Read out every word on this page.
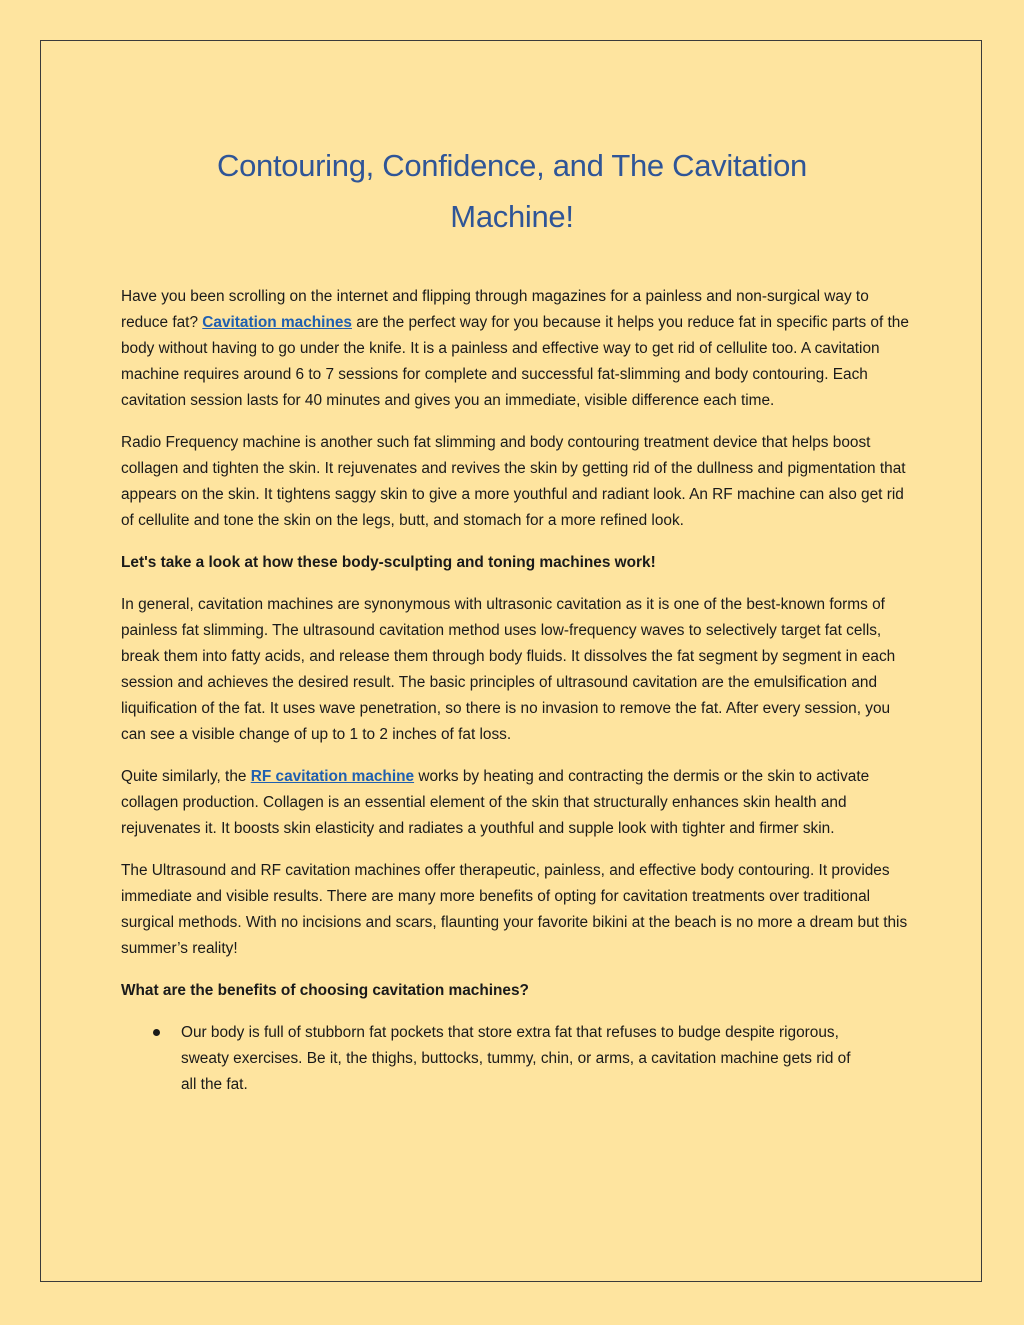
Contouring, Confidence, and The Cavitation
Machine!

Have you been scrolling on the internet and flipping through magazines for a painless and non-surgical way to reduce fat? Cavitation machines are the perfect way for you because it helps you reduce fat in specific parts of the body without having to go under the knife. It is a painless and effective way to get rid of cellulite too. A cavitation machine requires around 6 to 7 sessions for complete and successful fat-slimming and body contouring. Each cavitation session lasts for 40 minutes and gives you an immediate, visible difference each time.

Radio Frequency machine is another such fat slimming and body contouring treatment device that helps boost collagen and tighten the skin. It rejuvenates and revives the skin by getting rid of the dullness and pigmentation that appears on the skin. It tightens saggy skin to give a more youthful and radiant look. An RF machine can also get rid of cellulite and tone the skin on the legs, butt, and stomach for a more refined look.

Let's take a look at how these body-sculpting and toning machines work!

In general, cavitation machines are synonymous with ultrasonic cavitation as it is one of the best-known forms of painless fat slimming. The ultrasound cavitation method uses low-frequency waves to selectively target fat cells, break them into fatty acids, and release them through body fluids. It dissolves the fat segment by segment in each session and achieves the desired result. The basic principles of ultrasound cavitation are the emulsification and liquification of the fat. It uses wave penetration, so there is no invasion to remove the fat. After every session, you can see a visible change of up to 1 to 2 inches of fat loss.

Quite similarly, the RF cavitation machine works by heating and contracting the dermis or the skin to activate collagen production. Collagen is an essential element of the skin that structurally enhances skin health and rejuvenates it. It boosts skin elasticity and radiates a youthful and supple look with tighter and firmer skin.

The Ultrasound and RF cavitation machines offer therapeutic, painless, and effective body contouring. It provides immediate and visible results. There are many more benefits of opting for cavitation treatments over traditional surgical methods. With no incisions and scars, flaunting your favorite bikini at the beach is no more a dream but this summer’s reality!

What are the benefits of choosing cavitation machines?

Our body is full of stubborn fat pockets that store extra fat that refuses to budge despite rigorous, sweaty exercises. Be it, the thighs, buttocks, tummy, chin, or arms, a cavitation machine gets rid of all the fat.
